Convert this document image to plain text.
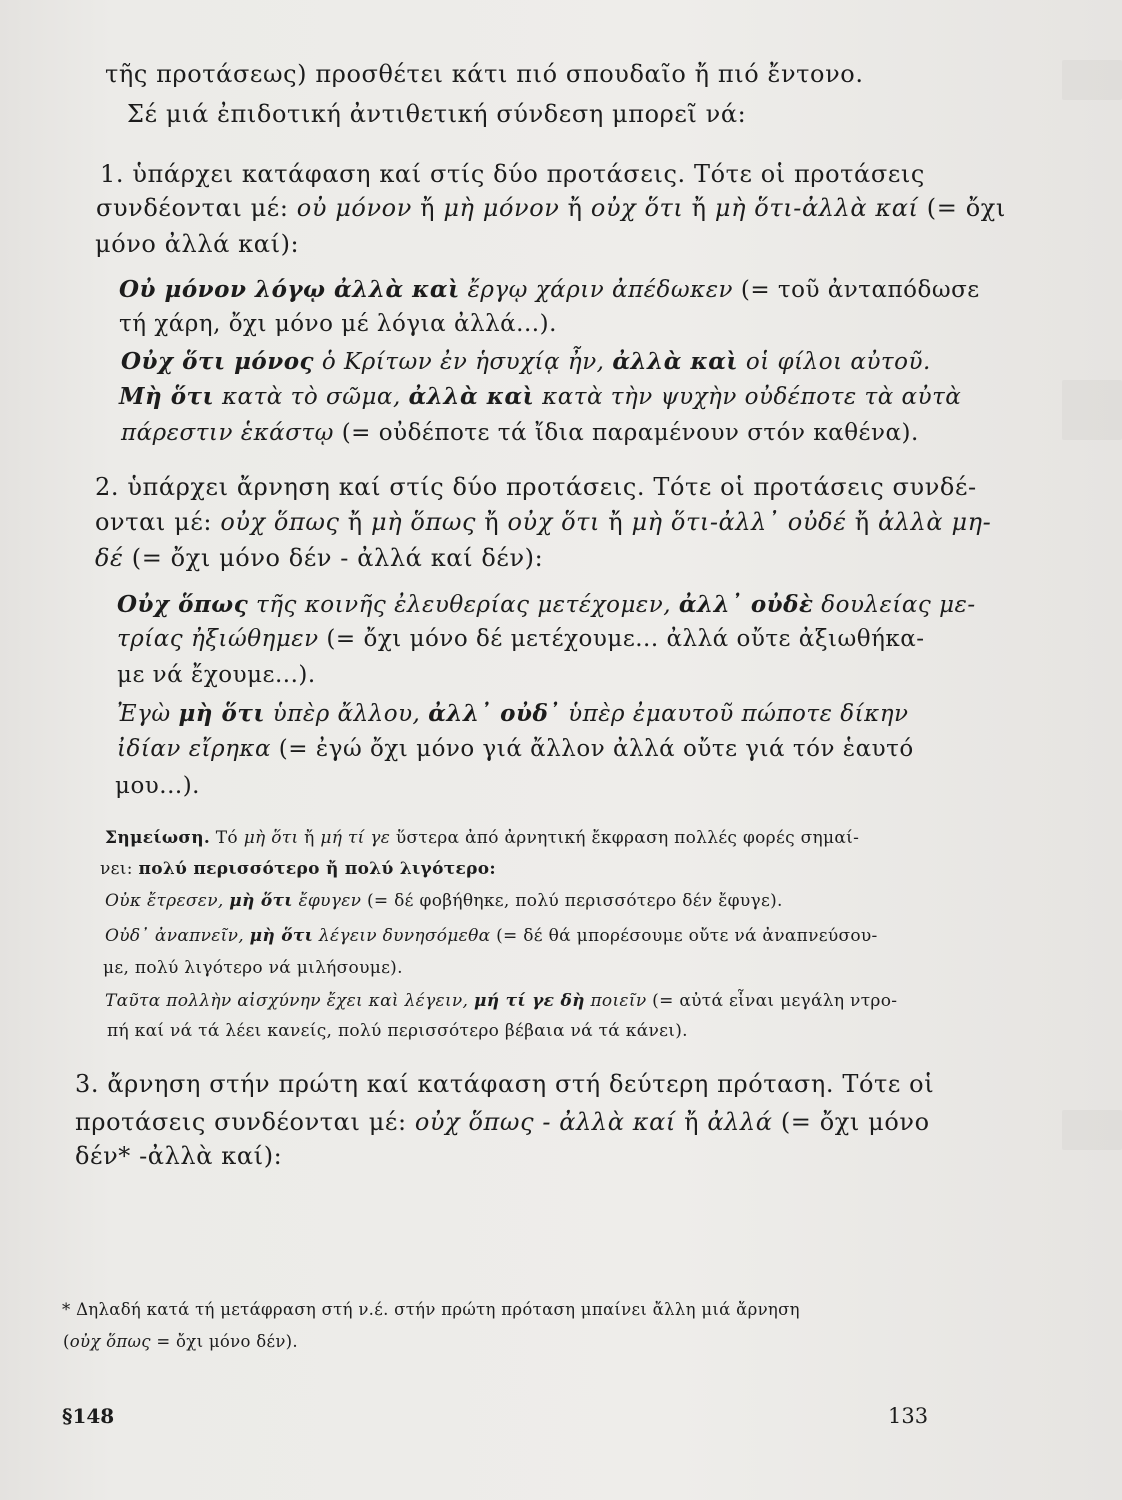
τῆς προτάσεως) προσθέτει κάτι πιό σπουδαῖο ἤ πιό ἔντονο.
Σέ μιά ἐπιδοτική ἀντιθετική σύνδεση μπορεῖ νά:
1. ὑπάρχει κατάφαση καί στίς δύο προτάσεις. Τότε οἱ προτάσεις
συνδέονται μέ: οὐ μόνον ἤ μὴ μόνον ἤ οὐχ ὅτι ἤ μὴ ὅτι-ἀλλὰ καί (= ὄχι
μόνο ἀλλά καί):
Οὐ μόνον λόγῳ ἀλλὰ καὶ ἔργῳ χάριν ἀπέδωκεν (= τοῦ ἀνταπόδωσε
τή χάρη, ὄχι μόνο μέ λόγια ἀλλά...).
Οὐχ ὅτι μόνος ὁ Κρίτων ἐν ἡσυχίᾳ ἦν, ἀλλὰ καὶ οἱ φίλοι αὐτοῦ.
Μὴ ὅτι κατὰ τὸ σῶμα, ἀλλὰ καὶ κατὰ τὴν ψυχὴν οὐδέποτε τὰ αὐτὰ
πάρεστιν ἑκάστῳ (= οὐδέποτε τά ἴδια παραμένουν στόν καθένα).
2. ὑπάρχει ἄρνηση καί στίς δύο προτάσεις. Τότε οἱ προτάσεις συνδέ-
ονται μέ: οὐχ ὅπως ἤ μὴ ὅπως ἤ οὐχ ὅτι ἤ μὴ ὅτι-ἀλλ᾿ οὐδέ ἤ ἀλλὰ μη-
δέ (= ὄχι μόνο δέν - ἀλλά καί δέν):
Οὐχ ὅπως τῆς κοινῆς ἐλευθερίας μετέχομεν, ἀλλ᾿ οὐδὲ δουλείας με-
τρίας ἠξιώθημεν (= ὄχι μόνο δέ μετέχουμε... ἀλλά οὔτε ἀξιωθήκα-
με νά ἔχουμε...).
Ἐγὼ μὴ ὅτι ὑπὲρ ἄλλου, ἀλλ᾿ οὐδ᾿ ὑπὲρ ἐμαυτοῦ πώποτε δίκην
ἰδίαν εἴρηκα (= ἐγώ ὄχι μόνο γιά ἄλλον ἀλλά οὔτε γιά τόν ἑαυτό
μου...).
Σημείωση. Τό μὴ ὅτι ἤ μή τί γε ὕστερα ἀπό ἀρνητική ἔκφραση πολλές φορές σημαί-
νει: πολύ περισσότερο ἤ πολύ λιγότερο:
Οὐκ ἔτρεσεν, μὴ ὅτι ἔφυγεν (= δέ φοβήθηκε, πολύ περισσότερο δέν ἔφυγε).
Οὐδ᾿ ἀναπνεῖν, μὴ ὅτι λέγειν δυνησόμεθα (= δέ θά μπορέσουμε οὔτε νά ἀναπνεύσου-
με, πολύ λιγότερο νά μιλήσουμε).
Ταῦτα πολλὴν αἰσχύνην ἔχει καὶ λέγειν, μή τί γε δὴ ποιεῖν (= αὐτά εἶναι μεγάλη ντρο-
πή καί νά τά λέει κανείς, πολύ περισσότερο βέβαια νά τά κάνει).
3. ἄρνηση στήν πρώτη καί κατάφαση στή δεύτερη πρόταση. Τότε οἱ
προτάσεις συνδέονται μέ: οὐχ ὅπως - ἀλλὰ καί ἤ ἀλλά (= ὄχι μόνο
δέν* -ἀλλὰ καί):
* Δηλαδή κατά τή μετάφραση στή ν.έ. στήν πρώτη πρόταση μπαίνει ἄλλη μιά ἄρνηση
(οὐχ ὅπως = ὄχι μόνο δέν).
§148	133
